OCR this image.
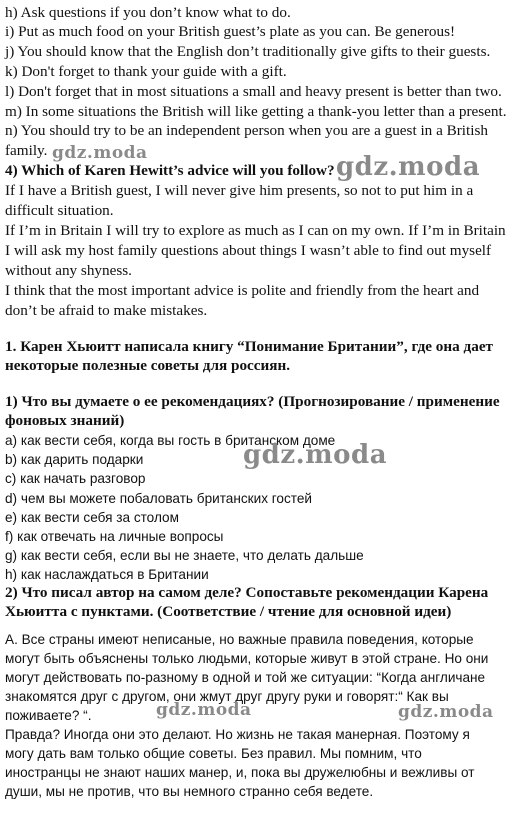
h) Ask questions if you don’t know what to do.
i) Put as much food on your British guest’s plate as you can. Be generous!
j) You should know that the English don’t traditionally give gifts to their guests.
k) Don't forget to thank your guide with a gift.
l) Don't forget that in most situations a small and heavy present is better than two.
m) In some situations the British will like getting a thank-you letter than a present.
n) You should try to be an independent person when you are a guest in a British
family.
4) Which of Karen Hewitt’s advice will you follow?
If I have a British guest, I will never give him presents, so not to put him in a
difficult situation.
If I’m in Britain I will try to explore as much as I can on my own. If I’m in Britain
I will ask my host family questions about things I wasn’t able to find out myself
without any shyness.
I think that the most important advice is polite and friendly from the heart and
don’t be afraid to make mistakes.
1. Карен Хьюитт написала книгу “Понимание Британии”, где она дает
некоторые полезные советы для россиян.
1) Что вы думаете о ее рекомендациях? (Прогнозирование / применение
фоновых знаний)
a) как вести себя, когда вы гость в британском доме
b) как дарить подарки
c) как начать разговор
d) чем вы можете побаловать британских гостей
e) как вести себя за столом
f) как отвечать на личные вопросы
g) как вести себя, если вы не знаете, что делать дальше
h) как наслаждаться в Британии
2) Что писал автор на самом деле? Сопоставьте рекомендации Карена
Хьюитта с пунктами. (Соответствие / чтение для основной идеи)
А. Все страны имеют неписаные, но важные правила поведения, которые
могут быть объяснены только людьми, которые живут в этой стране. Но они
могут действовать по-разному в одной и той же ситуации: “Когда англичане
знакомятся друг с другом, они жмут друг другу руки и говорят:“ Как вы
поживаете? “.
Правда? Иногда они это делают. Но жизнь не такая манерная. Поэтому я
могу дать вам только общие советы. Без правил. Мы помним, что
иностранцы не знают наших манер, и, пока вы дружелюбны и вежливы от
души, мы не против, что вы немного странно себя ведете.
gdz.moda	gdz.moda
gdz.moda
gdz.moda	gdz.moda
